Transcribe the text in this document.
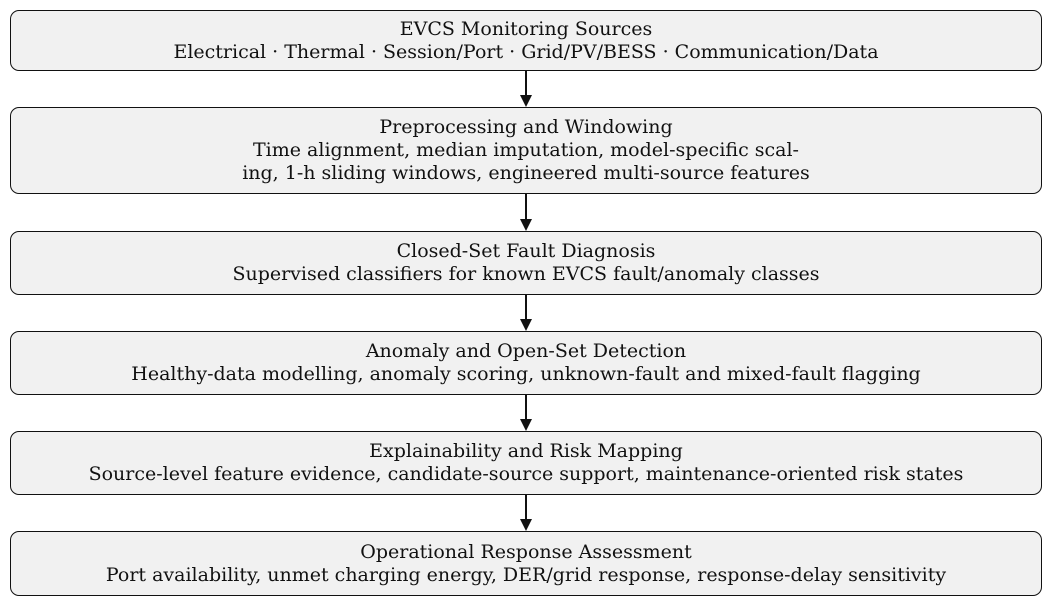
EVCS Monitoring Sources
Electrical · Thermal · Session/Port · Grid/PV/BESS · Communication/Data
Preprocessing and Windowing
Time alignment, median imputation, model-specific scal-
ing, 1-h sliding windows, engineered multi-source features
Closed-Set Fault Diagnosis
Supervised classifiers for known EVCS fault/anomaly classes
Anomaly and Open-Set Detection
Healthy-data modelling, anomaly scoring, unknown-fault and mixed-fault flagging
Explainability and Risk Mapping
Source-level feature evidence, candidate-source support, maintenance-oriented risk states
Operational Response Assessment
Port availability, unmet charging energy, DER/grid response, response-delay sensitivity
